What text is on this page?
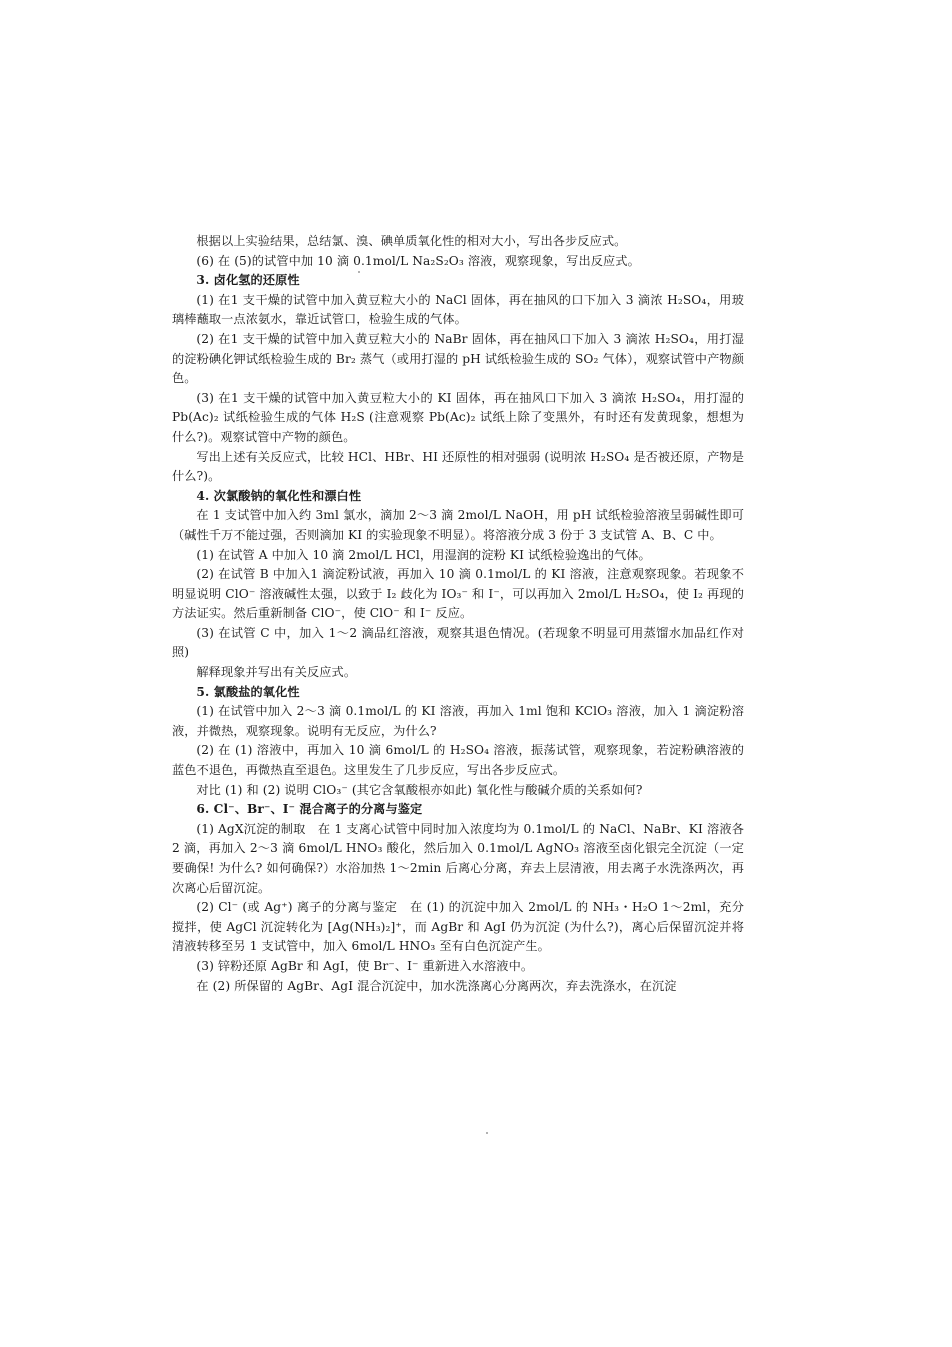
根据以上实验结果，总结氯、溴、碘单质氧化性的相对大小，写出各步反应式。

(6) 在 (5)的试管中加 10 滴 0.1mol/L Na₂S₂O₃ 溶液，观察现象，写出反应式。

3. 卤化氢的还原性

(1) 在1 支干燥的试管中加入黄豆粒大小的 NaCl 固体，再在抽风的口下加入 3 滴浓 H₂SO₄，用玻璃棒蘸取一点浓氨水，靠近试管口，检验生成的气体。

(2) 在1 支干燥的试管中加入黄豆粒大小的 NaBr 固体，再在抽风口下加入 3 滴浓 H₂SO₄，用打湿的淀粉碘化钾试纸检验生成的 Br₂ 蒸气（或用打湿的 pH 试纸检验生成的 SO₂ 气体），观察试管中产物颜色。

(3) 在1 支干燥的试管中加入黄豆粒大小的 KI 固体，再在抽风口下加入 3 滴浓 H₂SO₄，用打湿的 Pb(Ac)₂ 试纸检验生成的气体 H₂S (注意观察 Pb(Ac)₂ 试纸上除了变黑外，有时还有发黄现象，想想为什么?)。观察试管中产物的颜色。

写出上述有关反应式，比较 HCl、HBr、HI 还原性的相对强弱 (说明浓 H₂SO₄ 是否被还原，产物是什么?)。

4. 次氯酸钠的氧化性和漂白性

在 1 支试管中加入约 3ml 氯水，滴加 2～3 滴 2mol/L NaOH，用 pH 试纸检验溶液呈弱碱性即可（碱性千万不能过强，否则滴加 KI 的实验现象不明显）。将溶液分成 3 份于 3 支试管 A、B、C 中。

(1) 在试管 A 中加入 10 滴 2mol/L HCl，用湿润的淀粉 KI 试纸检验逸出的气体。

(2) 在试管 B 中加入1 滴淀粉试液，再加入 10 滴 0.1mol/L 的 KI 溶液，注意观察现象。若现象不明显说明 ClO⁻ 溶液碱性太强，以致于 I₂ 歧化为 IO₃⁻ 和 I⁻，可以再加入 2mol/L H₂SO₄，使 I₂ 再现的方法证实。然后重新制备 ClO⁻，使 ClO⁻ 和 I⁻ 反应。

(3) 在试管 C 中，加入 1～2 滴品红溶液，观察其退色情况。(若现象不明显可用蒸馏水加品红作对照)

解释现象并写出有关反应式。

5. 氯酸盐的氧化性

(1) 在试管中加入 2～3 滴 0.1mol/L 的 KI 溶液，再加入 1ml 饱和 KClO₃ 溶液，加入 1 滴淀粉溶液，并微热，观察现象。说明有无反应，为什么?

(2) 在 (1) 溶液中，再加入 10 滴 6mol/L 的 H₂SO₄ 溶液，振荡试管，观察现象，若淀粉碘溶液的蓝色不退色，再微热直至退色。这里发生了几步反应，写出各步反应式。

对比 (1) 和 (2) 说明 ClO₃⁻ (其它含氧酸根亦如此) 氧化性与酸碱介质的关系如何?

6. Cl⁻、Br⁻、I⁻ 混合离子的分离与鉴定

(1) AgX沉淀的制取　在 1 支离心试管中同时加入浓度均为 0.1mol/L 的 NaCl、NaBr、KI 溶液各 2 滴，再加入 2～3 滴 6mol/L HNO₃ 酸化，然后加入 0.1mol/L AgNO₃ 溶液至卤化银完全沉淀（一定要确保! 为什么? 如何确保?）水浴加热 1～2min 后离心分离，弃去上层清液，用去离子水洗涤两次，再次离心后留沉淀。

(2) Cl⁻ (或 Ag⁺) 离子的分离与鉴定　在 (1) 的沉淀中加入 2mol/L 的 NH₃・H₂O 1～2ml，充分搅拌，使 AgCl 沉淀转化为 [Ag(NH₃)₂]⁺，而 AgBr 和 AgI 仍为沉淀 (为什么?)，离心后保留沉淀并将清液转移至另 1 支试管中，加入 6mol/L HNO₃ 至有白色沉淀产生。

(3) 锌粉还原 AgBr 和 AgI，使 Br⁻、I⁻ 重新进入水溶液中。

在 (2) 所保留的 AgBr、AgI 混合沉淀中，加水洗涤离心分离两次，弃去洗涤水，在沉淀
